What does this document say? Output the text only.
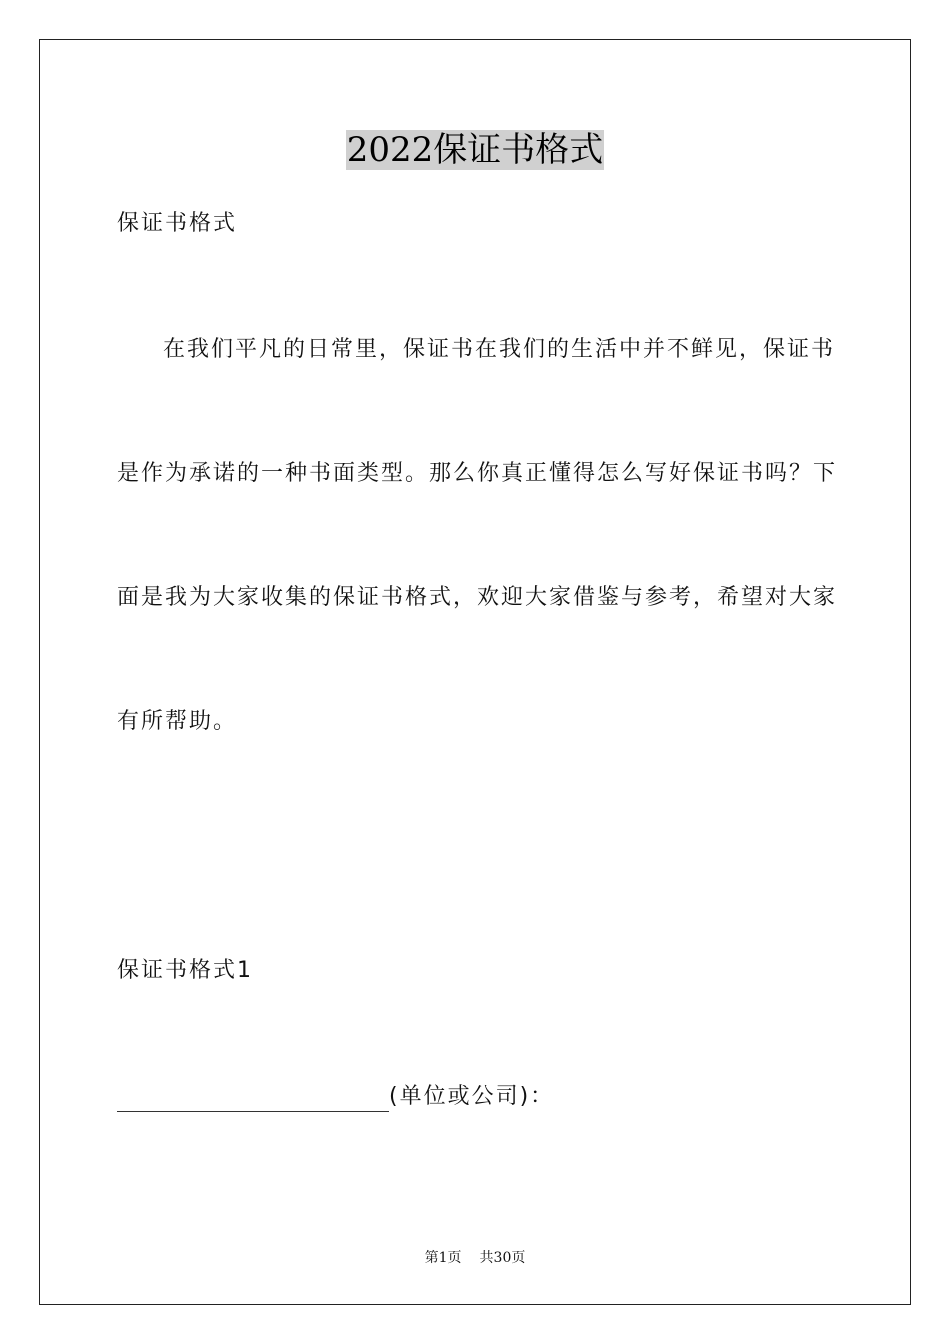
2022保证书格式
保证书格式
在我们平凡的日常里，保证书在我们的生活中并不鲜见，保证书
是作为承诺的一种书面类型。那么你真正懂得怎么写好保证书吗？下
面是我为大家收集的保证书格式，欢迎大家借鉴与参考，希望对大家
有所帮助。
保证书格式1
(单位或公司)：
第1页 共30页
